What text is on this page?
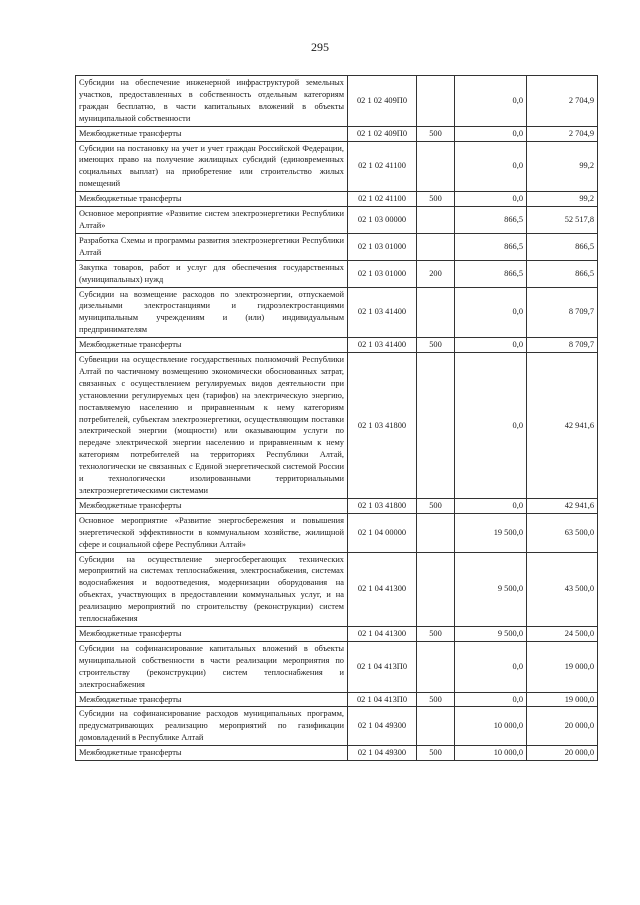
295
Субсидии на обеспечение инженерной инфраструктурой земельных участков, предоставленных в собственность отдельным категориям граждан бесплатно, в части капитальных вложений в объекты муниципальной собственности	02 1 02 409П0		0,0	2 704,9
Межбюджетные трансферты	02 1 02 409П0	500	0,0	2 704,9
Субсидии на постановку на учет и учет граждан Российской Федерации, имеющих право на получение жилищных субсидий (единовременных социальных выплат) на приобретение или строительство жилых помещений	02 1 02 41100		0,0	99,2
Межбюджетные трансферты	02 1 02 41100	500	0,0	99,2
Основное мероприятие «Развитие систем электроэнергетики Республики Алтай»	02 1 03 00000		866,5	52 517,8
Разработка Схемы и программы развития электроэнергетики Республики Алтай	02 1 03 01000		866,5	866,5
Закупка товаров, работ и услуг для обеспечения государственных (муниципальных) нужд	02 1 03 01000	200	866,5	866,5
Субсидии на возмещение расходов по электроэнергии, отпускаемой дизельными электростанциями и гидроэлектростанциями муниципальным учреждениям и (или) индивидуальным предпринимателям	02 1 03 41400		0,0	8 709,7
Межбюджетные трансферты	02 1 03 41400	500	0,0	8 709,7
Субвенции на осуществление государственных полномочий Республики Алтай по частичному возмещению экономически обоснованных затрат, связанных с осуществлением регулируемых видов деятельности при установлении регулируемых цен (тарифов) на электрическую энергию, поставляемую населению и приравненным к нему категориям потребителей, субъектам электроэнергетики, осуществляющим поставки электрической энергии (мощности) или оказывающим услуги по передаче электрической энергии населению и приравненным к нему категориям потребителей на территориях Республики Алтай, технологически не связанных с Единой энергетической системой России и технологически изолированными территориальными электроэнергетическими системами	02 1 03 41800		0,0	42 941,6
Межбюджетные трансферты	02 1 03 41800	500	0,0	42 941,6
Основное мероприятие «Развитие энергосбережения и повышения энергетической эффективности в коммунальном хозяйстве, жилищной сфере и социальной сфере Республики Алтай»	02 1 04 00000		19 500,0	63 500,0
Субсидии на осуществление энергосберегающих технических мероприятий на системах теплоснабжения, электроснабжения, системах водоснабжения и водоотведения, модернизации оборудования на объектах, участвующих в предоставлении коммунальных услуг, и на реализацию мероприятий по строительству (реконструкции) систем теплоснабжения	02 1 04 41300		9 500,0	43 500,0
Межбюджетные трансферты	02 1 04 41300	500	9 500,0	24 500,0
Субсидии на софинансирование капитальных вложений в объекты муниципальной собственности в части реализации мероприятия по строительству (реконструкции) систем теплоснабжения и электроснабжения	02 1 04 413П0		0,0	19 000,0
Межбюджетные трансферты	02 1 04 413П0	500	0,0	19 000,0
Субсидии на софинансирование расходов муниципальных программ, предусматривающих реализацию мероприятий по газификации домовладений в Республике Алтай	02 1 04 49300		10 000,0	20 000,0
Межбюджетные трансферты	02 1 04 49300	500	10 000,0	20 000,0
